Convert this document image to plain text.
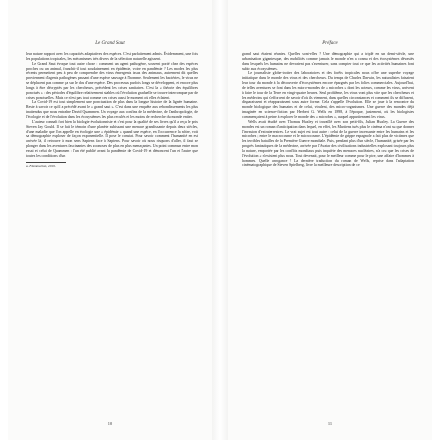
Le Grand Saut

leur nature rapport avec les capacités adaptatives des espèces. C'est parfaitement admis. Évidemment, une fois les populations tropicales, les mécanismes très divers de la sélection naturelle agissent.

Le Grand Saut évoque tout autre chose : comment un agent pathogène, souvent porté chez des espèces proches ou un animal, franchit-il tout soudainement en épidémie, voire en pandémie ? Les modes les plus récents permettent peu à peu de comprendre des virus émergents issus des animaux, autrement dit quelles proviennent d'agents pathogènes passant d'une espèce sauvage à l'homme. Seulement les bactéries, le virus ne se déplacent pas comme ça sur le dos d'une espèce. Des processus parfois longs se développent, et encore plus longs à être décryptés par les chercheurs, précédent les crises sanitaires. C'est la « théorie des équilibres ponctués » : des périodes d'équilibre relativement stables où l'évolution graduelle se trouve interrompue par de crises ponctuelles. Mais ce n'est pas tout comme ces crises aussi le moment où elles éclatent.

La Covid-19 est tout simplement une ponctuation de plus dans la longue histoire de la lignée humaine. Reste à savoir ce qu'il a précédé avant le « grand saut ». C'est dans une enquête aux rebondissements les plus inattendus que nous entraîne David Quammen. Un voyage aux confins de la médecine, de l'anthropologie, de l'écologie et de l'évolution dans les écosystèmes les plus reculés et les moins de recherche du monde entier.

L'auteur connaît fort bien la biologie évolutionniste et c'est pour la qualité de ses livres qu'il a reçu le prix Steven Jay Gould. Il se fait le témoin d'une planète subissant une menace grandissante depuis deux siècles, d'une maladie que l'on appelle en écologie une « épidémie » quand une espèce, en l'occurrence la nôtre, voit sa démographie exploser de façon exponentielle. Il pose le constat. Pour savoir comment l'humanité en est arrivée là, il retrouve à mon sens Sapiens face à Sapiens. Pour savoir où nous risquons d'aller, il faut se plonger dans les aventures fascinantes des zoonoses de plus en plus menaçantes. Un point commun entre mon essai et celui de Quammen : l'un été publié avant la pandémie de Covid-19 et dénoncent l'un et l'autre que toutes les conditions d'un

a. Flammarion, 2019.
10
Préface

grand saut étaient réunies. Quelles sont-elles ? Une démographie qui a triplé en un demi-siècle, une urbanisation gigantesque, des mobilités comme jamais le monde n'en a connu et des écosystèmes dévastés dans lesquels les humains ne devraient pas s'aventurer, sans compter tout ce que les activités humaines font subir aux écosystèmes.

Le journaliste globe-trotter des laboratoires et des forêts tropicales nous offre une superbe voyage initiatique dans le monde des virus et des chercheurs. Du temps de Charles Darwin, les naturalistes faisaient leur tour du monde à la découverte d'écosystèmes encore épargnés par les folies commerciales. Aujourd'hui, de telles aventures se font dans les micro-mondes de « microbes » dont les acteurs, comme les virus, arrivent à faire le tour de la Terre en vingt-quatre heures. Seul problème, les virus vont plus vite que les chercheurs et les médecins qui s'efforcent de savoir d'où ils viennent, dans quelles circonstances et comment ils se diffusent, disparaissent et réapparaissent sous autre forme. Cela s'appelle l'évolution. Elle se joue à la rencontre du monde biologique des humains et de celui, virulent, des micro-organismes. Une guerre des mondes déjà imaginée en science-fiction par Herbert G. Wells en 1898, à l'époque, justement, où les biologistes commençaient à peine à explorer le monde des « microbes », auquel appartiennent les virus.

Wells avait étudié avec Thomas Huxley et travaillé avec son petit-fils, Julian Huxley. La Guerre des mondes est un roman d'anticipation dans lequel, en effet, les Martiens tués plus le cinéma n'ont su que donner l'invasion d'extraterrestres. Le vrai sujet est tout autre : celui de la guerre incessante entre les humains et les microbes ; entre le macrocosme et le microcosme. L'épidémie de grippe espagnole a fait plus de victimes que les terribles batailles de la Première Guerre mondiale. Puis, pendant plus d'un siècle, l'humanité, grisée par les progrès fantastiques de la médecine, arrivée par l'Avatar des civilisations industrielles explosant toujours plus la nature, emportée par les conflits mondiaux puis inquiète des menaces nucléaires, n'a cru que les crises de l'évolution « n'existent plus nous. Tout devenait, pour le meilleur comme pour le pire, une affaire d'hommes à hommes. Quelle arrogance ! La dernière traduction du roman de Wells, reprise dans l'adaptation cinématographique de Steven Spielberg, livre la meilleure description de ce

11
